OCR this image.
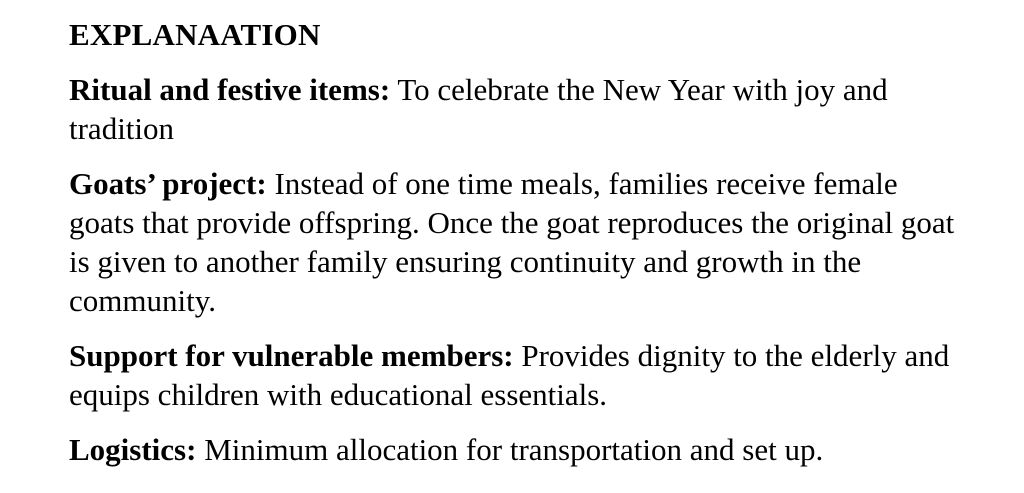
EXPLANAATION

Ritual and festive items: To celebrate the New Year with joy and tradition

Goats’ project: Instead of one time meals, families receive female goats that provide offspring. Once the goat reproduces the original goat is given to another family ensuring continuity and growth in the community.

Support for vulnerable members: Provides dignity to the elderly and equips children with educational essentials.

Logistics: Minimum allocation for transportation and set up.
